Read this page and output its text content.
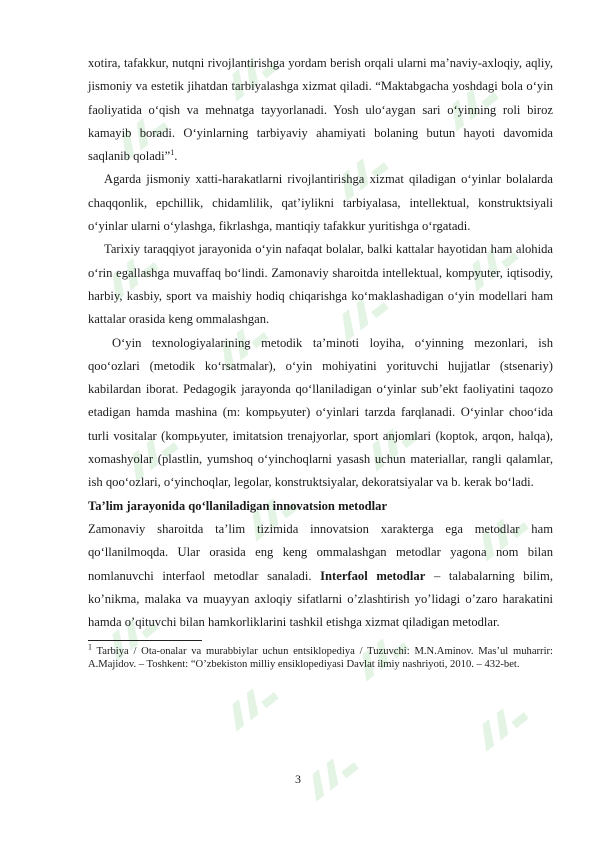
xotira, tafakkur, nutqni rivojlantirishga yordam berish orqali ularni ma’naviy-axloqiy, aqliy, jismoniy va estetik jihatdan tarbiyalashga xizmat qiladi. “Maktabgacha yoshdagi bola o‘yin faoliyatida o‘qish va mehnatga tayyorlanadi. Yosh ulo‘aygan sari o‘yinning roli biroz kamayib boradi. O‘yinlarning tarbiyaviy ahamiyati bolaning butun hayoti davomida saqlanib qoladi”$^1$.

Agarda jismoniy xatti-harakatlarni rivojlantirishga xizmat qiladigan o‘yinlar bolalarda chaqqonlik, epchillik, chidamlilik, qat’iylikni tarbiyalasa, intellektual, konstruktsiyali o‘yinlar ularni o‘ylashga, fikrlashga, mantiqiy tafakkur yuritishga o‘rgatadi.

Tarixiy taraqqiyot jarayonida o‘yin nafaqat bolalar, balki kattalar hayotidan ham alohida o‘rin egallashga muvaffaq bo‘lindi. Zamonaviy sharoitda intellektual, kompyuter, iqtisodiy, harbiy, kasbiy, sport va maishiy hodiq chiqarishga ko‘maklashadigan o‘yin modellari ham kattalar orasida keng ommalashgan.

O‘yin texnologiyalarining metodik ta’minoti loyiha, o‘yinning mezonlari, ish qoo‘ozlari (metodik ko‘rsatmalar), o‘yin mohiyatini yorituvchi hujjatlar (stsenariy) kabilardan iborat. Pedagogik jarayonda qo‘llaniladigan o‘yinlar sub’ekt faoliyatini taqozo etadigan hamda mashina (m: kompьyuter) o‘yinlari tarzda farqlanadi. O‘yinlar choo‘ida turli vositalar (kompьyuter, imitatsion trenajyorlar, sport anjomlari (koptok, arqon, halqa), xomashyolar (plastlin, yumshoq o‘yinchoqlarni yasash uchun materiallar, rangli qalamlar, ish qoo‘ozlari, o‘yinchoqlar, legolar, konstruktsiyalar, dekoratsiyalar va b. kerak bo‘ladi.

Ta’lim jarayonida qo‘llaniladigan innovatsion metodlar

Zamonaviy sharoitda ta’lim tizimida innovatsion xarakterga ega metodlar ham qo‘llanilmoqda. Ular orasida eng keng ommalashgan metodlar yagona nom bilan nomlanuvchi interfaol metodlar sanaladi. Interfaol metodlar – talabalarning bilim, ko’nikma, malaka va muayyan axloqiy sifatlarni o’zlashtirish yo’lidagi o’zaro harakatini hamda o’qituvchi bilan hamkorliklarini tashkil etishga xizmat qiladigan metodlar.

$^1$ Tarbiya / Ota-onalar va murabbiylar uchun entsiklopediya / Tuzuvchi: M.N.Aminov. Mas’ul muharrir: A.Majidov. – Toshkent: “O’zbekiston milliy ensiklopediyasi Davlat ilmiy nashriyoti, 2010. – 432-bet.

3
